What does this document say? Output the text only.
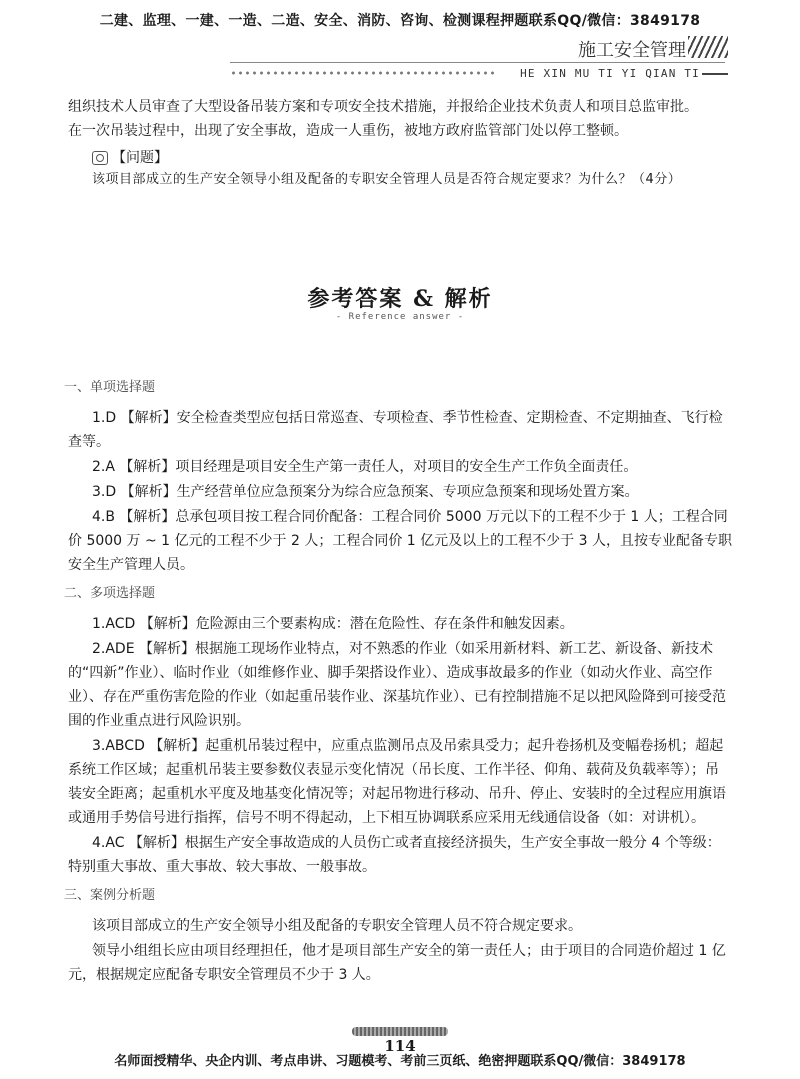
二建、监理、一建、一造、二造、安全、消防、咨询、检测课程押题联系QQ/微信：3849178
施工安全管理
HE XIN MU TI YI QIAN TI

组织技术人员审查了大型设备吊装方案和专项安全技术措施，并报给企业技术负责人和项目总监审批。

在一次吊装过程中，出现了安全事故，造成一人重伤，被地方政府监管部门处以停工整顿。

【问题】
该项目部成立的生产安全领导小组及配备的专职安全管理人员是否符合规定要求？为什么？（4分）
参考答案 & 解析
- Reference answer -
一、单项选择题

1.D 【解析】安全检查类型应包括日常巡查、专项检查、季节性检查、定期检查、不定期抽查、飞行检查等。

2.A 【解析】项目经理是项目安全生产第一责任人，对项目的安全生产工作负全面责任。

3.D 【解析】生产经营单位应急预案分为综合应急预案、专项应急预案和现场处置方案。

4.B 【解析】总承包项目按工程合同价配备：工程合同价 5000 万元以下的工程不少于 1 人；工程合同价 5000 万 ~ 1 亿元的工程不少于 2 人；工程合同价 1 亿元及以上的工程不少于 3 人，且按专业配备专职安全生产管理人员。

二、多项选择题

1.ACD 【解析】危险源由三个要素构成：潜在危险性、存在条件和触发因素。

2.ADE 【解析】根据施工现场作业特点，对不熟悉的作业（如采用新材料、新工艺、新设备、新技术的“四新”作业）、临时作业（如维修作业、脚手架搭设作业）、造成事故最多的作业（如动火作业、高空作业）、存在严重伤害危险的作业（如起重吊装作业、深基坑作业）、已有控制措施不足以把风险降到可接受范围的作业重点进行风险识别。

3.ABCD 【解析】起重机吊装过程中，应重点监测吊点及吊索具受力；起升卷扬机及变幅卷扬机；超起系统工作区域；起重机吊装主要参数仪表显示变化情况（吊长度、工作半径、仰角、载荷及负载率等）；吊装安全距离；起重机水平度及地基变化情况等；对起吊物进行移动、吊升、停止、安装时的全过程应用旗语或通用手势信号进行指挥，信号不明不得起动，上下相互协调联系应采用无线通信设备（如：对讲机）。

4.AC 【解析】根据生产安全事故造成的人员伤亡或者直接经济损失，生产安全事故一般分 4 个等级：特别重大事故、重大事故、较大事故、一般事故。

三、案例分析题

该项目部成立的生产安全领导小组及配备的专职安全管理人员不符合规定要求。

领导小组组长应由项目经理担任，他才是项目部生产安全的第一责任人；由于项目的合同造价超过 1 亿元，根据规定应配备专职安全管理员不少于 3 人。

114
名师面授精华、央企内训、考点串讲、习题模考、考前三页纸、绝密押题联系QQ/微信：3849178
